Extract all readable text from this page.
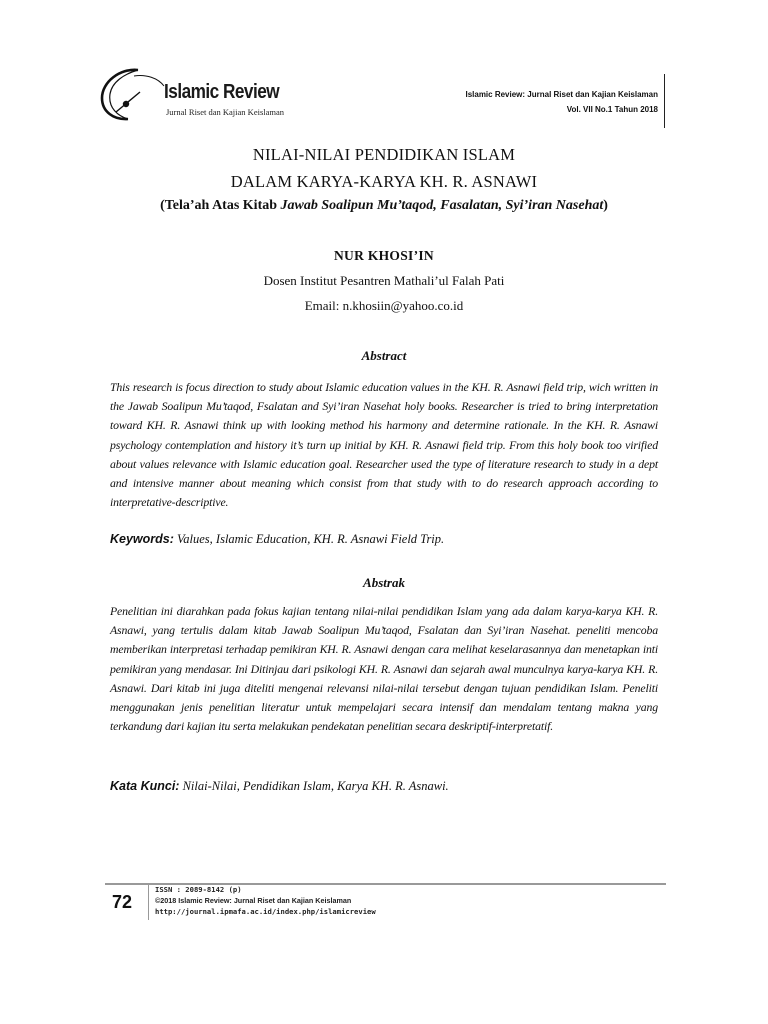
Islamic Review
Jurnal Riset dan Kajian Keislaman
Islamic Review: Jurnal Riset dan Kajian Keislaman
Vol. VII No.1 Tahun 2018
NILAI-NILAI PENDIDIKAN ISLAM
DALAM KARYA-KARYA KH. R. ASNAWI
(Tela’ah Atas Kitab Jawab Soalipun Mu’taqod, Fasalatan, Syi’iran Nasehat)
NUR KHOSI’IN
Dosen Institut Pesantren Mathali’ul Falah Pati
Email: n.khosiin@yahoo.co.id
Abstract

This research is focus direction to study about Islamic education values in the KH. R. Asnawi field trip, wich written in the Jawab Soalipun Mu’taqod, Fsalatan and Syi’iran Nasehat holy books. Researcher is tried to bring interpretation toward KH. R. Asnawi think up with looking method his harmony and determine rationale. In the KH. R. Asnawi psychology contemplation and history it’s turn up initial by KH. R. Asnawi field trip. From this holy book too virified about values relevance with Islamic education goal. Researcher used the type of literature research to study in a dept and intensive manner about meaning which consist from that study with to do research approach according to interpretative-descriptive.

Keywords: Values, Islamic Education, KH. R. Asnawi Field Trip.
Abstrak

Penelitian ini diarahkan pada fokus kajian tentang nilai-nilai pendidikan Islam yang ada dalam karya-karya KH. R. Asnawi, yang tertulis dalam kitab Jawab Soalipun Mu’taqod, Fsalatan dan Syi’iran Nasehat. peneliti mencoba memberikan interpretasi terhadap pemikiran KH. R. Asnawi dengan cara melihat keselarasannya dan menetapkan inti pemikiran yang mendasar. Ini Ditinjau dari psikologi KH. R. Asnawi dan sejarah awal munculnya karya-karya KH. R. Asnawi. Dari kitab ini juga diteliti mengenai relevansi nilai-nilai tersebut dengan tujuan pendidikan Islam. Peneliti menggunakan jenis penelitian literatur untuk mempelajari secara intensif dan mendalam tentang makna yang terkandung dari kajian itu serta melakukan pendekatan penelitian secara deskriptif-interpretatif.

Kata Kunci: Nilai-Nilai, Pendidikan Islam, Karya KH. R. Asnawi.
72
ISSN : 2089-8142 (p)
©2018 Islamic Review: Jurnal Riset dan Kajian Keislaman
http://journal.ipmafa.ac.id/index.php/islamicreview
